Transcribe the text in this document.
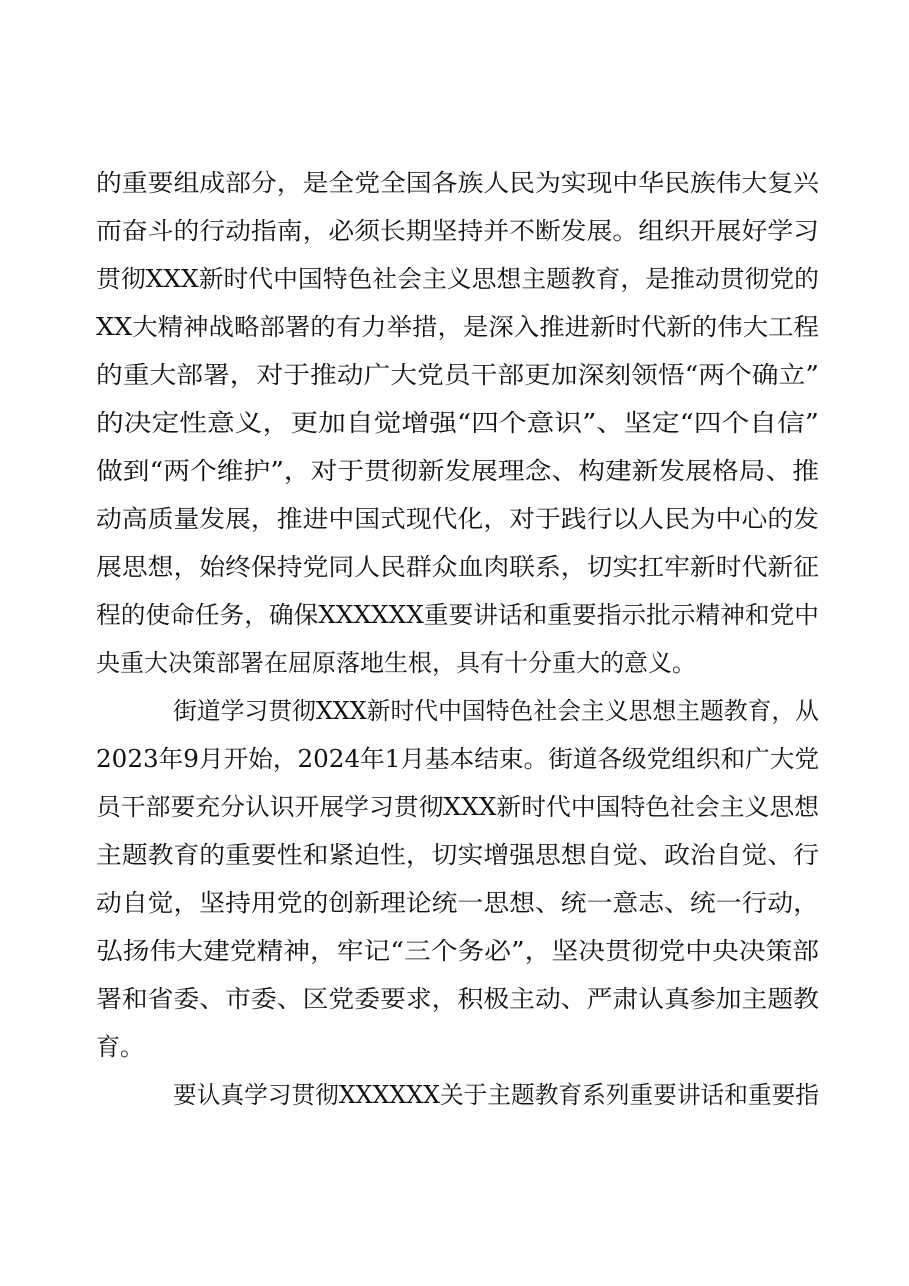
的重要组成部分，是全党全国各族人民为实现中华民族伟大复兴
而奋斗的行动指南，必须长期坚持并不断发展。组织开展好学习
贯彻XXX新时代中国特色社会主义思想主题教育，是推动贯彻党的
XX大精神战略部署的有力举措，是深入推进新时代新的伟大工程
的重大部署，对于推动广大党员干部更加深刻领悟“两个确立”
的决定性意义，更加自觉增强“四个意识”、坚定“四个自信”
做到“两个维护”，对于贯彻新发展理念、构建新发展格局、推
动高质量发展，推进中国式现代化，对于践行以人民为中心的发
展思想，始终保持党同人民群众血肉联系，切实扛牢新时代新征
程的使命任务，确保XXXXXX重要讲话和重要指示批示精神和党中
央重大决策部署在屈原落地生根，具有十分重大的意义。
街道学习贯彻XXX新时代中国特色社会主义思想主题教育，从
2023年9月开始，2024年1月基本结束。街道各级党组织和广大党
员干部要充分认识开展学习贯彻XXX新时代中国特色社会主义思想
主题教育的重要性和紧迫性，切实增强思想自觉、政治自觉、行
动自觉，坚持用党的创新理论统一思想、统一意志、统一行动，
弘扬伟大建党精神，牢记“三个务必”，坚决贯彻党中央决策部
署和省委、市委、区党委要求，积极主动、严肃认真参加主题教
育。
要认真学习贯彻XXXXXX关于主题教育系列重要讲话和重要指
